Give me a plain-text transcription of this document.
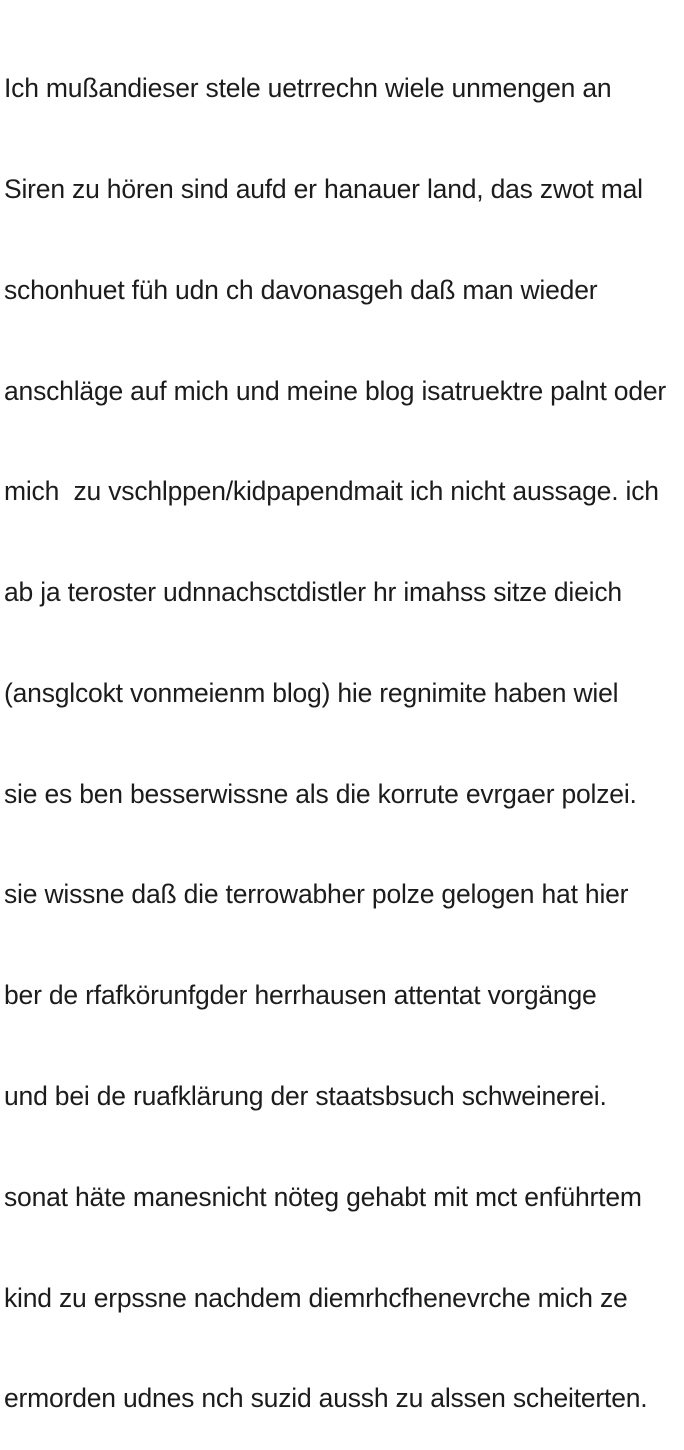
Ich mußandieser stele uetrrechn wiele unmengen an

Siren zu hören sind aufd er hanauer land, das zwot mal

schonhuet füh udn ch davonasgeh daß man wieder

anschläge auf mich und meine blog isatruektre palnt oder

mich  zu vschlppen/kidpapendmait ich nicht aussage. ich

ab ja teroster udnnachsctdistler hr imahss sitze dieich

(ansglcokt vonmeienm blog) hie regnimite haben wiel

sie es ben besserwissne als die korrute evrgaer polzei.

sie wissne daß die terrowabher polze gelogen hat hier

ber de rfafkörunfgder herrhausen attentat vorgänge

und bei de ruafklärung der staatsbsuch schweinerei.

sonat häte manesnicht nöteg gehabt mit mct enführtem

kind zu erpssne nachdem diemrhcfhenevrche mich ze

ermorden udnes nch suzid aussh zu alssen scheiterten.
